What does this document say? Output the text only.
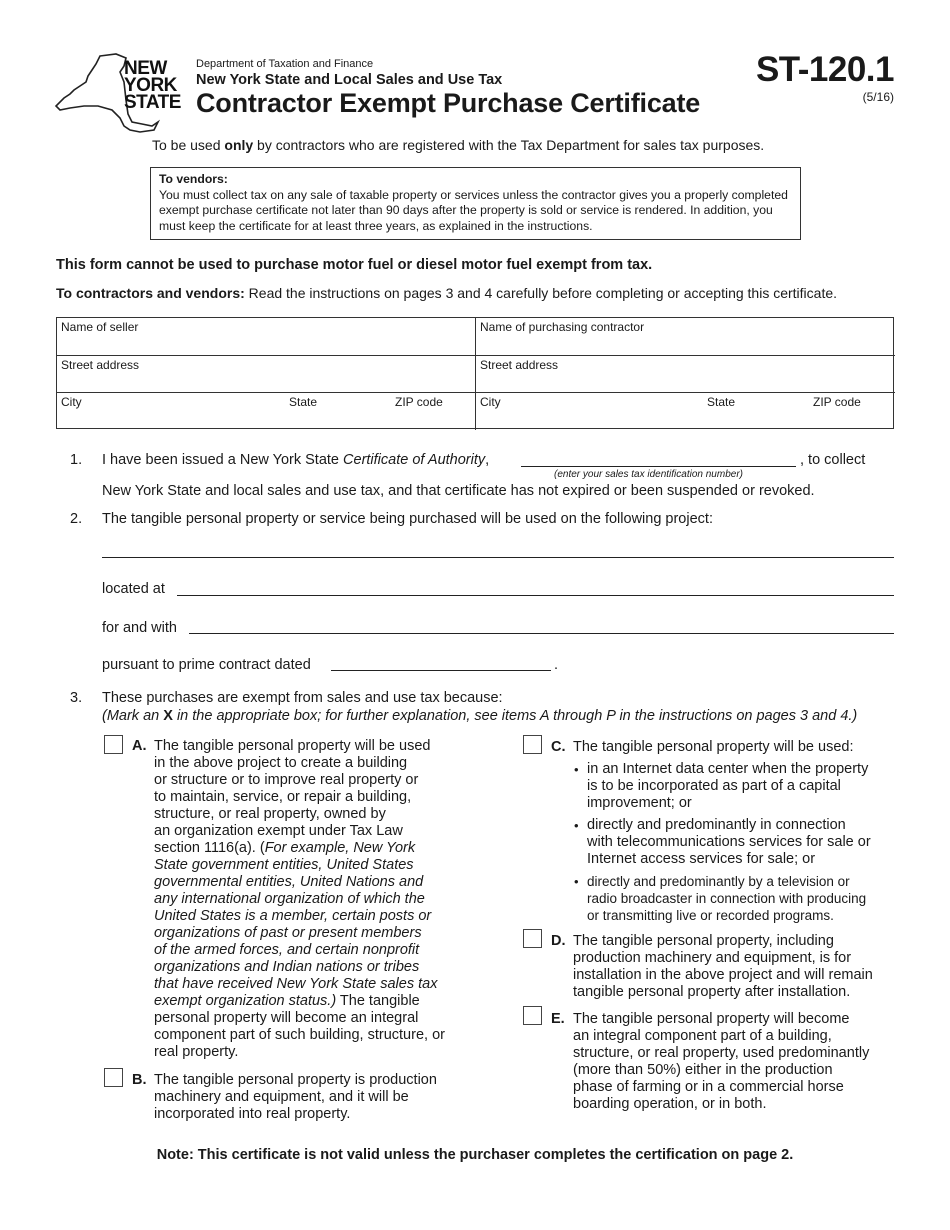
NEW
YORK
STATE
Department of Taxation and Finance
New York State and Local Sales and Use Tax
Contractor Exempt Purchase Certificate
ST-120.1
(5/16)
To be used only by contractors who are registered with the Tax Department for sales tax purposes.
To vendors:
You must collect tax on any sale of taxable property or services unless the contractor gives you a properly completed exempt purchase certificate not later than 90 days after the property is sold or service is rendered. In addition, you must keep the certificate for at least three years, as explained in the instructions.
This form cannot be used to purchase motor fuel or diesel motor fuel exempt from tax.
To contractors and vendors: Read the instructions on pages 3 and 4 carefully before completing or accepting this certificate.
Name of seller	Name of purchasing contractor
Street address	Street address
City	State	ZIP code	City	State	ZIP code
1. I have been issued a New York State Certificate of Authority,
(enter your sales tax identification number)
, to collect
New York State and local sales and use tax, and that certificate has not expired or been suspended or revoked.
2. The tangible personal property or service being purchased will be used on the following project:
located at
for and with
pursuant to prime contract dated	.
3. These purchases are exempt from sales and use tax because:
(Mark an X in the appropriate box; for further explanation, see items A through P in the instructions on pages 3 and 4.)
A. The tangible personal property will be used
in the above project to create a building
or structure or to improve real property or
to maintain, service, or repair a building,
structure, or real property, owned by
an organization exempt under Tax Law
section 1116(a). (For example, New York
State government entities, United States
governmental entities, United Nations and
any international organization of which the
United States is a member, certain posts or
organizations of past or present members
of the armed forces, and certain nonprofit
organizations and Indian nations or tribes
that have received New York State sales tax
exempt organization status.) The tangible
personal property will become an integral
component part of such building, structure, or
real property.
B. The tangible personal property is production
machinery and equipment, and it will be
incorporated into real property.
C. The tangible personal property will be used:
• in an Internet data center when the property
is to be incorporated as part of a capital
improvement; or
• directly and predominantly in connection
with telecommunications services for sale or
Internet access services for sale; or
• directly and predominantly by a television or
radio broadcaster in connection with producing
or transmitting live or recorded programs.
D. The tangible personal property, including
production machinery and equipment, is for
installation in the above project and will remain
tangible personal property after installation.
E. The tangible personal property will become
an integral component part of a building,
structure, or real property, used predominantly
(more than 50%) either in the production
phase of farming or in a commercial horse
boarding operation, or in both.
Note: This certificate is not valid unless the purchaser completes the certification on page 2.
